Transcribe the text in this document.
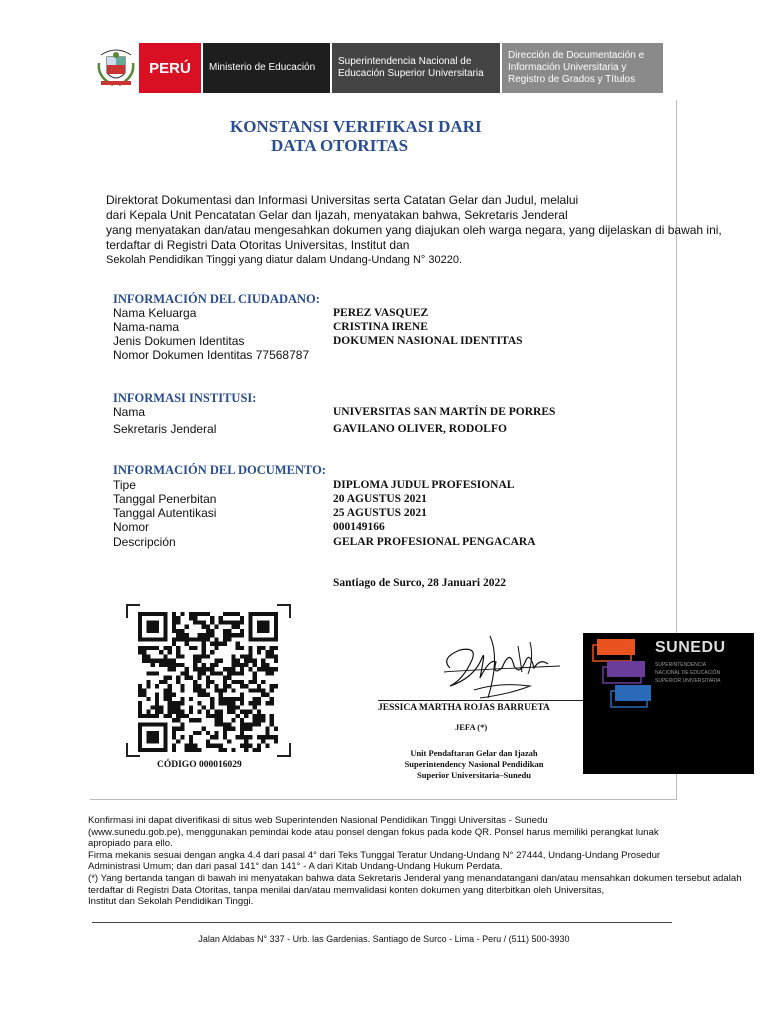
PERÚ	Ministerio de Educación
Superintendencia Nacional de
Educación Superior Universitaria
Dirección de Documentación e
Información Universitaria y
Registro de Grados y Títulos
KONSTANSI VERIFIKASI DARI
DATA OTORITAS
Direktorat Dokumentasi dan Informasi Universitas serta Catatan Gelar dan Judul, melalui
dari Kepala Unit Pencatatan Gelar dan Ijazah, menyatakan bahwa, Sekretaris Jenderal
yang menyatakan dan/atau mengesahkan dokumen yang diajukan oleh warga negara, yang dijelaskan di bawah ini,
terdaftar di Registri Data Otoritas Universitas, Institut dan
Sekolah Pendidikan Tinggi yang diatur dalam Undang-Undang N° 30220.
INFORMACIÓN DEL CIUDADANO:
Nama Keluarga	PEREZ VASQUEZ
Nama-nama	CRISTINA IRENE
Jenis Dokumen Identitas	DOKUMEN NASIONAL IDENTITAS
Nomor Dokumen Identitas 77568787
INFORMASI INSTITUSI:
Nama	UNIVERSITAS SAN MARTÍN DE PORRES
Sekretaris Jenderal	GAVILANO OLIVER, RODOLFO
INFORMACIÓN DEL DOCUMENTO:
Tipe	DIPLOMA JUDUL PROFESIONAL
Tanggal Penerbitan	20 AGUSTUS 2021
Tanggal Autentikasi	25 AGUSTUS 2021
Nomor	000149166
Descripción	GELAR PROFESIONAL PENGACARA
Santiago de Surco, 28 Januari 2022
CÓDIGO 000016029
JESSICA MARTHA ROJAS BARRUETA
JEFA (*)
Unit Pendaftaran Gelar dan Ijazah
Superintendency Nasional Pendidikan
Superior Universitaria–Sunedu
SUNEDU
SUPERINTENDENCIA
NACIONAL DE EDUCACIÓN
SUPERIOR UNIVERSITARIA
Konfirmasi ini dapat diverifikasi di situs web Superintenden Nasional Pendidikan Tinggi Universitas - Sunedu
(www.sunedu.gob.pe), menggunakan pemindai kode atau ponsel dengan fokus pada kode QR. Ponsel harus memiliki perangkat lunak
apropiado para ello.
Firma mekanis sesuai dengan angka 4.4 dari pasal 4° dari Teks Tunggal Teratur Undang-Undang N° 27444, Undang-Undang Prosedur
Administrasi Umum; dan dari pasal 141° dan 141° - A dari Kitab Undang-Undang Hukum Perdata.
(*) Yang bertanda tangan di bawah ini menyatakan bahwa data Sekretaris Jenderal yang menandatangani dan/atau mensahkan dokumen tersebut adalah
terdaftar di Registri Data Otoritas, tanpa menilai dan/atau memvalidasi konten dokumen yang diterbitkan oleh Universitas,
Institut dan Sekolah Pendidikan Tinggi.
Jalan Aldabas N° 337 - Urb. las Gardenias. Santiago de Surco - Lima - Peru / (511) 500-3930
